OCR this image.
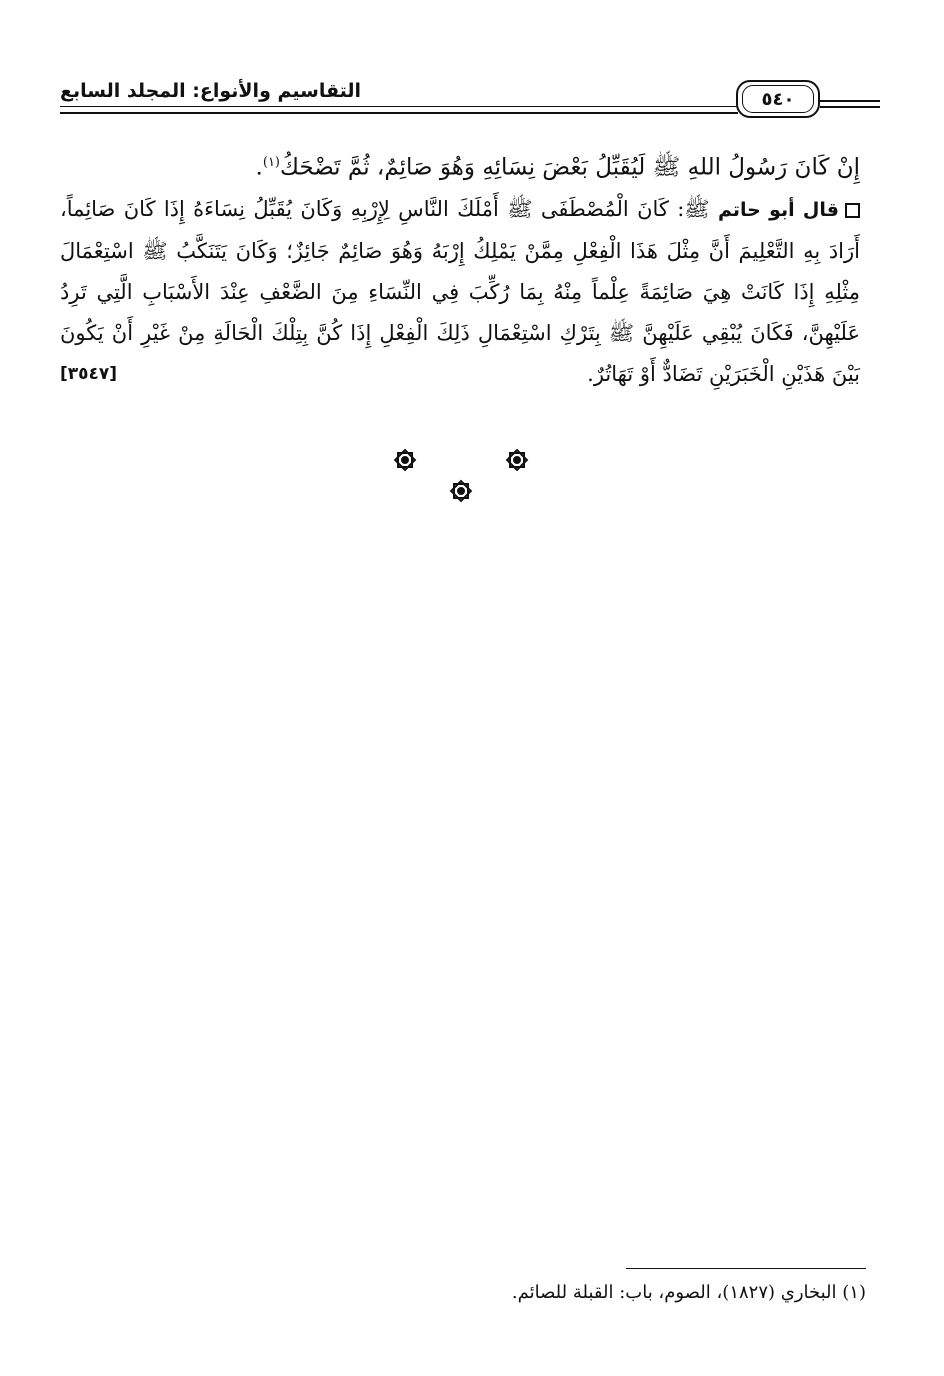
التقاسيم والأنواع: المجلد السابع	٥٤٠

إِنْ كَانَ رَسُولُ اللهِ ﷺ لَيُقَبِّلُ بَعْضَ نِسَائِهِ وَهُوَ صَائِمٌ، ثُمَّ تَضْحَكُ$^{(١)}$.

قال أبو حاتم ﷺ: كَانَ الْمُصْطَفَى ﷺ أَمْلَكَ النَّاسِ لِإِرْبِهِ وَكَانَ يُقَبِّلُ نِسَاءَهُ إِذَا كَانَ صَائِماً، أَرَادَ بِهِ التَّعْلِيمَ أَنَّ مِثْلَ هَذَا الْفِعْلِ مِمَّنْ يَمْلِكُ إِرْبَهُ وَهُوَ صَائِمٌ جَائِزٌ؛ وَكَانَ يَتَنَكَّبُ ﷺ اسْتِعْمَالَ مِثْلِهِ إِذَا كَانَتْ هِيَ صَائِمَةً عِلْماً مِنْهُ بِمَا رُكِّبَ فِي النِّسَاءِ مِنَ الضَّعْفِ عِنْدَ الأَسْبَابِ الَّتِي تَرِدُ عَلَيْهِنَّ، فَكَانَ يُبْقِي عَلَيْهِنَّ ﷺ بِتَرْكِ اسْتِعْمَالِ ذَلِكَ الْفِعْلِ إِذَا كُنَّ بِتِلْكَ الْحَالَةِ مِنْ غَيْرِ أَنْ يَكُونَ بَيْنَ هَذَيْنِ الْخَبَرَيْنِ تَضَادٌّ أَوْ تَهَاتُرٌ.
[٣٥٤٧]

(١) البخاري (١٨٢٧)، الصوم، باب: القبلة للصائم.
